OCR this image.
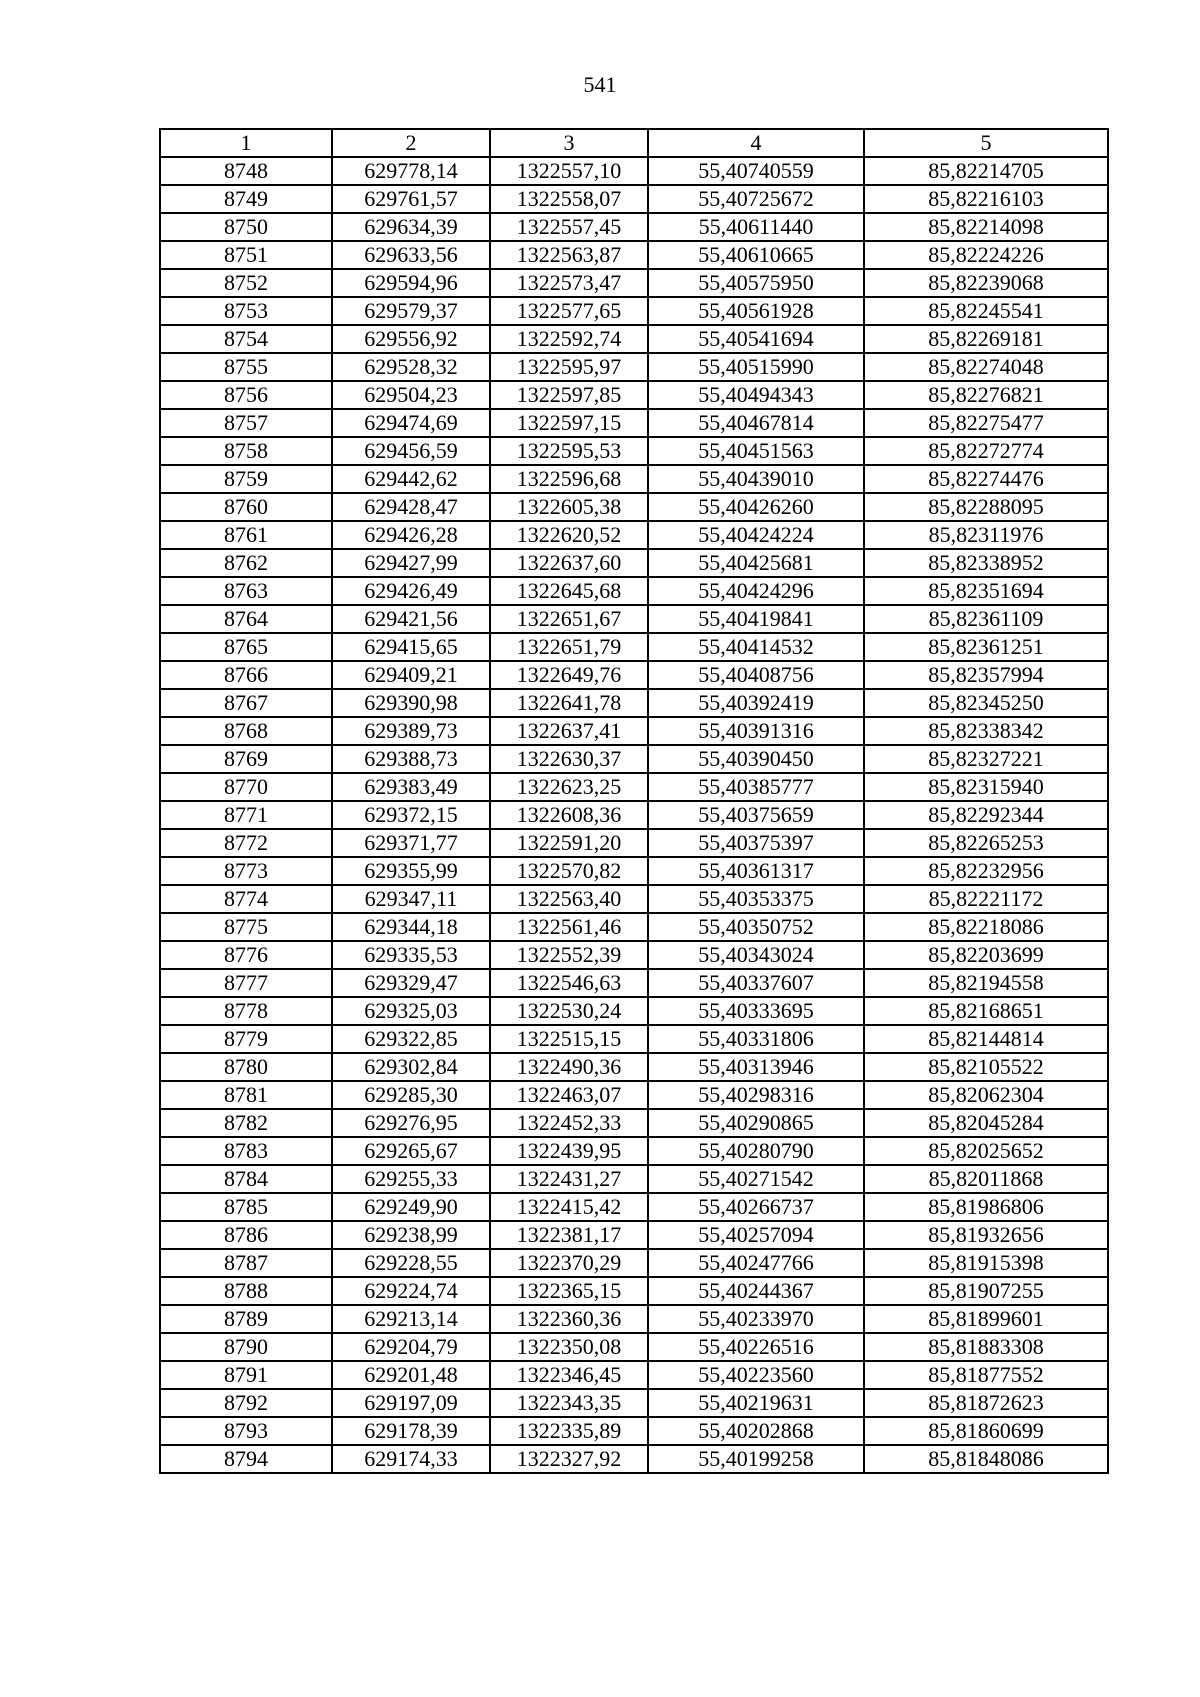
541
1	2	3	4	5
8748	629778,14	1322557,10	55,40740559	85,82214705
8749	629761,57	1322558,07	55,40725672	85,82216103
8750	629634,39	1322557,45	55,40611440	85,82214098
8751	629633,56	1322563,87	55,40610665	85,82224226
8752	629594,96	1322573,47	55,40575950	85,82239068
8753	629579,37	1322577,65	55,40561928	85,82245541
8754	629556,92	1322592,74	55,40541694	85,82269181
8755	629528,32	1322595,97	55,40515990	85,82274048
8756	629504,23	1322597,85	55,40494343	85,82276821
8757	629474,69	1322597,15	55,40467814	85,82275477
8758	629456,59	1322595,53	55,40451563	85,82272774
8759	629442,62	1322596,68	55,40439010	85,82274476
8760	629428,47	1322605,38	55,40426260	85,82288095
8761	629426,28	1322620,52	55,40424224	85,82311976
8762	629427,99	1322637,60	55,40425681	85,82338952
8763	629426,49	1322645,68	55,40424296	85,82351694
8764	629421,56	1322651,67	55,40419841	85,82361109
8765	629415,65	1322651,79	55,40414532	85,82361251
8766	629409,21	1322649,76	55,40408756	85,82357994
8767	629390,98	1322641,78	55,40392419	85,82345250
8768	629389,73	1322637,41	55,40391316	85,82338342
8769	629388,73	1322630,37	55,40390450	85,82327221
8770	629383,49	1322623,25	55,40385777	85,82315940
8771	629372,15	1322608,36	55,40375659	85,82292344
8772	629371,77	1322591,20	55,40375397	85,82265253
8773	629355,99	1322570,82	55,40361317	85,82232956
8774	629347,11	1322563,40	55,40353375	85,82221172
8775	629344,18	1322561,46	55,40350752	85,82218086
8776	629335,53	1322552,39	55,40343024	85,82203699
8777	629329,47	1322546,63	55,40337607	85,82194558
8778	629325,03	1322530,24	55,40333695	85,82168651
8779	629322,85	1322515,15	55,40331806	85,82144814
8780	629302,84	1322490,36	55,40313946	85,82105522
8781	629285,30	1322463,07	55,40298316	85,82062304
8782	629276,95	1322452,33	55,40290865	85,82045284
8783	629265,67	1322439,95	55,40280790	85,82025652
8784	629255,33	1322431,27	55,40271542	85,82011868
8785	629249,90	1322415,42	55,40266737	85,81986806
8786	629238,99	1322381,17	55,40257094	85,81932656
8787	629228,55	1322370,29	55,40247766	85,81915398
8788	629224,74	1322365,15	55,40244367	85,81907255
8789	629213,14	1322360,36	55,40233970	85,81899601
8790	629204,79	1322350,08	55,40226516	85,81883308
8791	629201,48	1322346,45	55,40223560	85,81877552
8792	629197,09	1322343,35	55,40219631	85,81872623
8793	629178,39	1322335,89	55,40202868	85,81860699
8794	629174,33	1322327,92	55,40199258	85,81848086
